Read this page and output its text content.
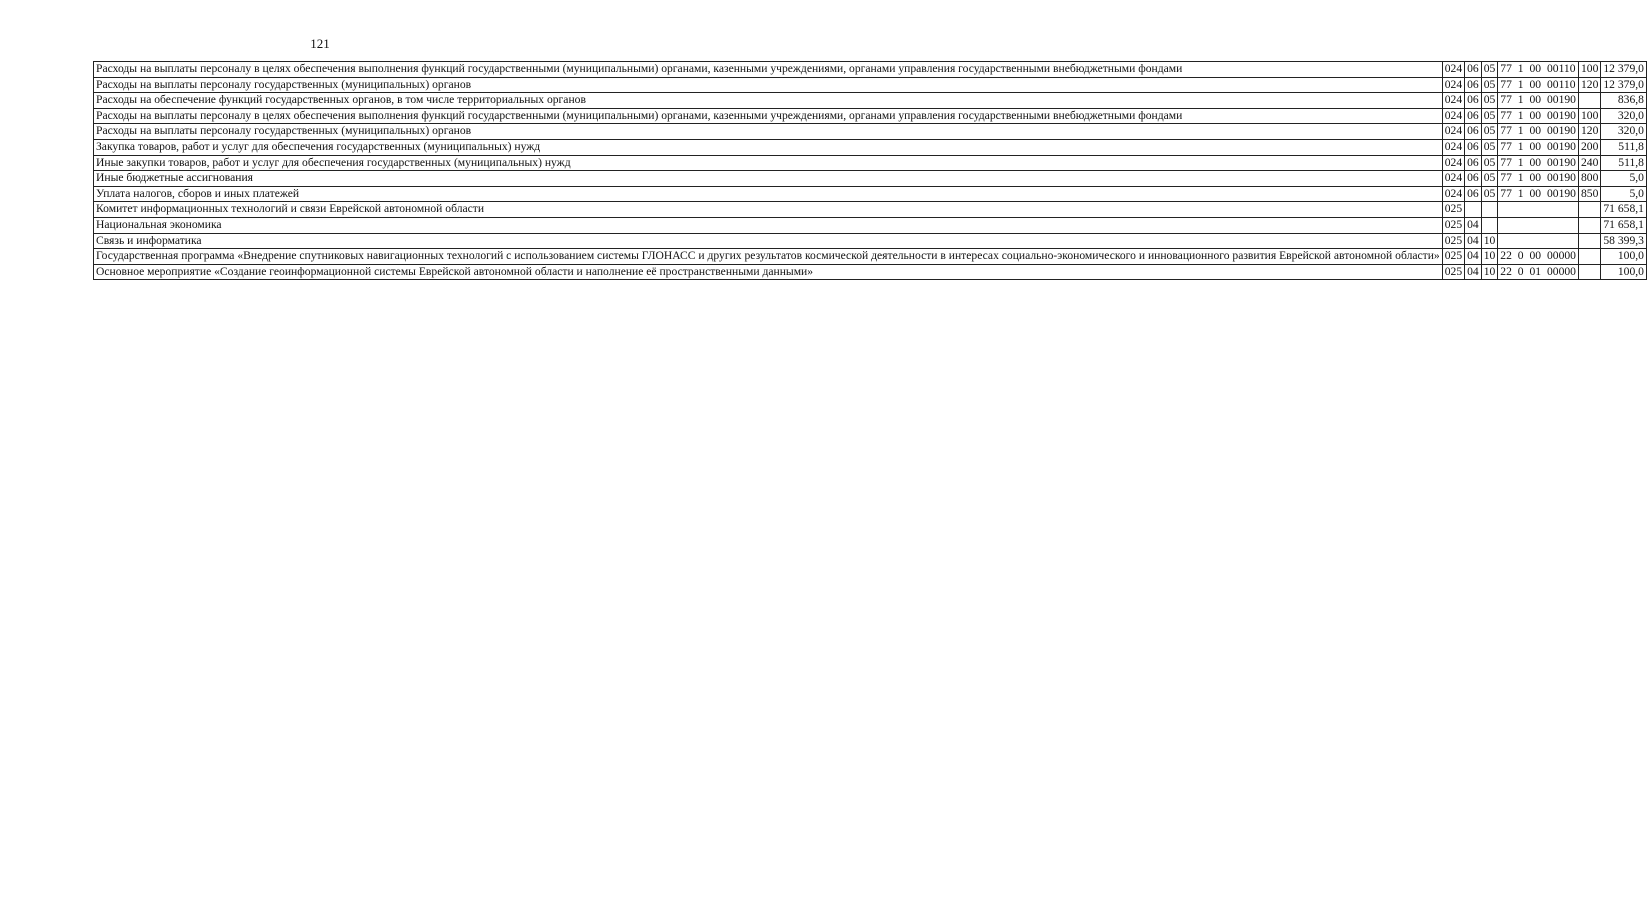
121
Расходы на выплаты персоналу в целях обеспечения выполнения функций государственными (муниципальными) органами, казенными учреждениями, органами управления государственными внебюджетными фондами	024	06	05	77 1 00 00110	100	12 379,0
Расходы на выплаты персоналу государственных (муниципальных) органов	024	06	05	77 1 00 00110	120	12 379,0
Расходы на обеспечение функций государственных органов, в том числе территориальных органов	024	06	05	77 1 00 00190		836,8
Расходы на выплаты персоналу в целях обеспечения выполнения функций государственными (муниципальными) органами, казенными учреждениями, органами управления государственными внебюджетными фондами	024	06	05	77 1 00 00190	100	320,0
Расходы на выплаты персоналу государственных (муниципальных) органов	024	06	05	77 1 00 00190	120	320,0
Закупка товаров, работ и услуг для обеспечения государственных (муниципальных) нужд	024	06	05	77 1 00 00190	200	511,8
Иные закупки товаров, работ и услуг для обеспечения государственных (муниципальных) нужд	024	06	05	77 1 00 00190	240	511,8
Иные бюджетные ассигнования	024	06	05	77 1 00 00190	800	5,0
Уплата налогов, сборов и иных платежей	024	06	05	77 1 00 00190	850	5,0
Комитет информационных технологий и связи Еврейской автономной области	025					71 658,1
Национальная экономика	025	04				71 658,1
Связь и информатика	025	04	10			58 399,3
Государственная программа «Внедрение спутниковых навигационных технологий с использованием системы ГЛОНАСС и других результатов космической деятельности в интересах социально-экономического и инновационного развития Еврейской автономной области»	025	04	10	22 0 00 00000		100,0
Основное мероприятие «Создание геоинформационной системы Еврейской автономной области и наполнение её пространственными данными»	025	04	10	22 0 01 00000		100,0
